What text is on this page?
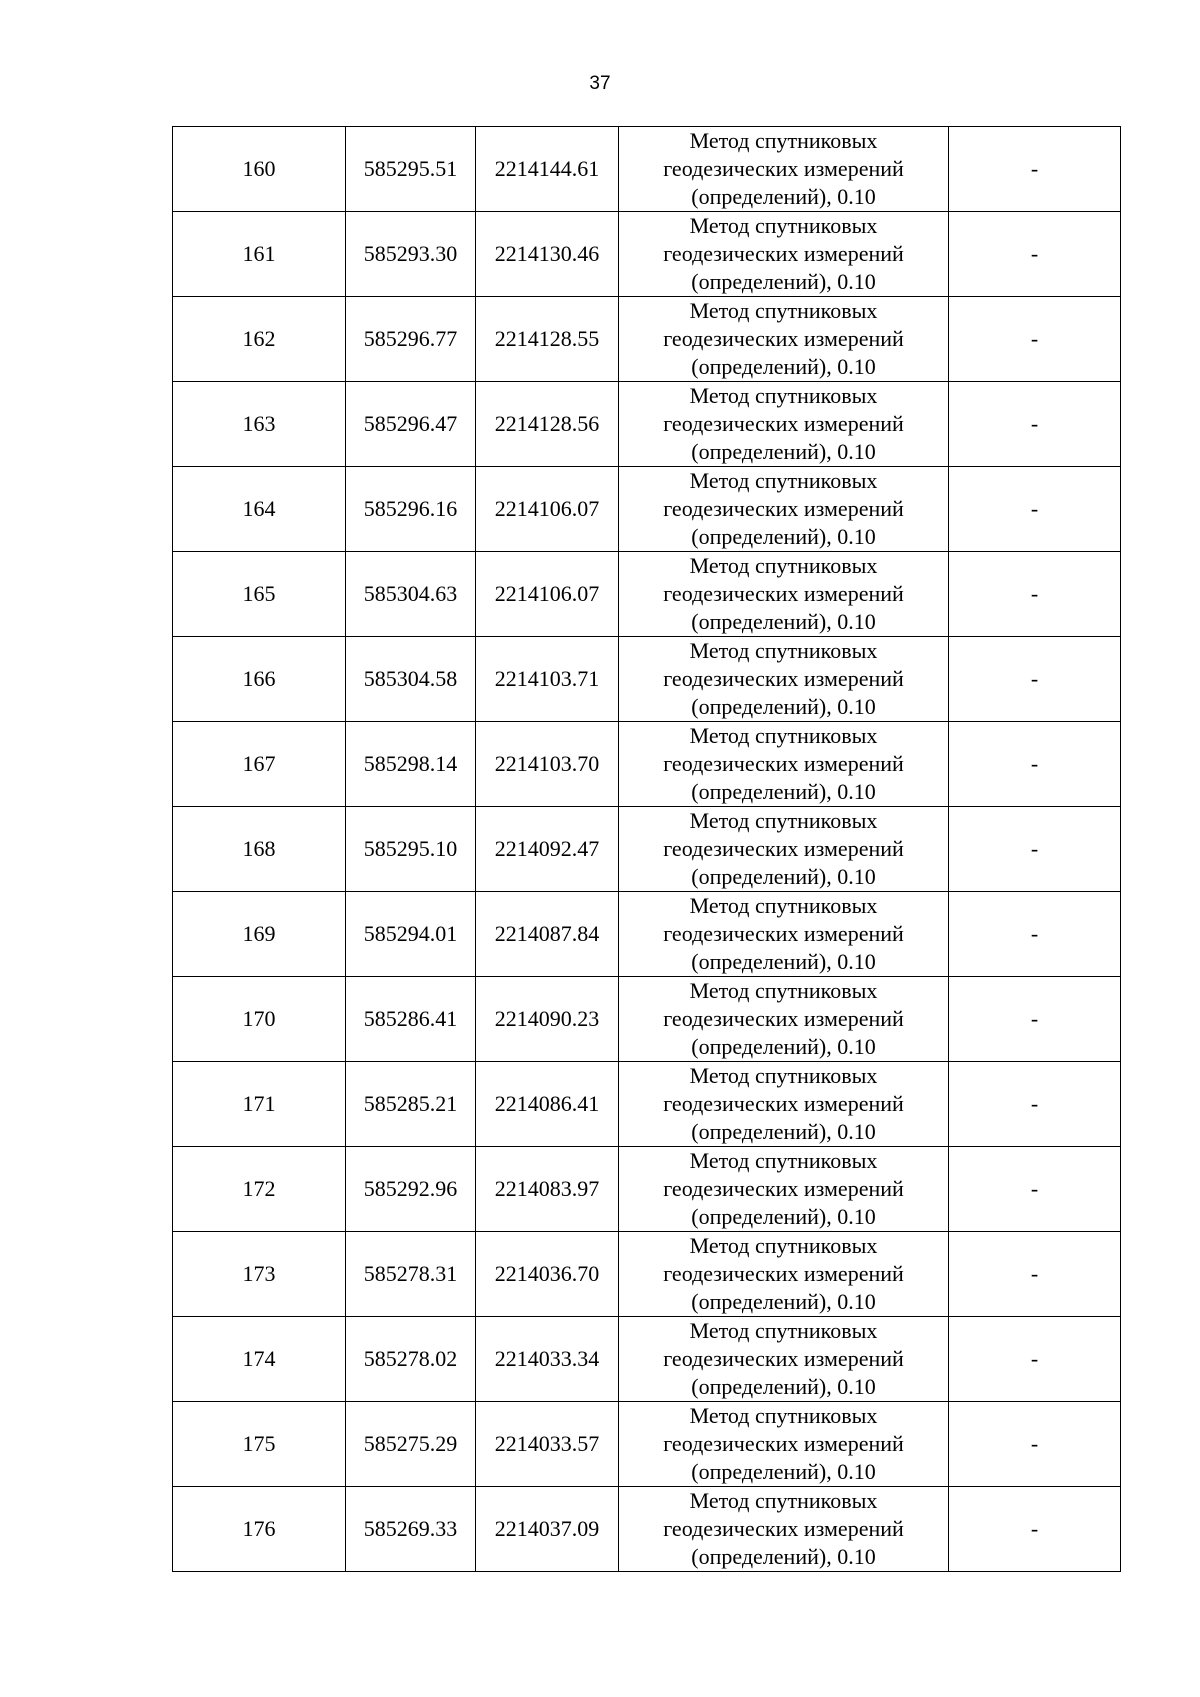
37
160	585295.51	2214144.61	Метод спутниковых
геодезических измерений
(определений), 0.10	-
161	585293.30	2214130.46	Метод спутниковых
геодезических измерений
(определений), 0.10	-
162	585296.77	2214128.55	Метод спутниковых
геодезических измерений
(определений), 0.10	-
163	585296.47	2214128.56	Метод спутниковых
геодезических измерений
(определений), 0.10	-
164	585296.16	2214106.07	Метод спутниковых
геодезических измерений
(определений), 0.10	-
165	585304.63	2214106.07	Метод спутниковых
геодезических измерений
(определений), 0.10	-
166	585304.58	2214103.71	Метод спутниковых
геодезических измерений
(определений), 0.10	-
167	585298.14	2214103.70	Метод спутниковых
геодезических измерений
(определений), 0.10	-
168	585295.10	2214092.47	Метод спутниковых
геодезических измерений
(определений), 0.10	-
169	585294.01	2214087.84	Метод спутниковых
геодезических измерений
(определений), 0.10	-
170	585286.41	2214090.23	Метод спутниковых
геодезических измерений
(определений), 0.10	-
171	585285.21	2214086.41	Метод спутниковых
геодезических измерений
(определений), 0.10	-
172	585292.96	2214083.97	Метод спутниковых
геодезических измерений
(определений), 0.10	-
173	585278.31	2214036.70	Метод спутниковых
геодезических измерений
(определений), 0.10	-
174	585278.02	2214033.34	Метод спутниковых
геодезических измерений
(определений), 0.10	-
175	585275.29	2214033.57	Метод спутниковых
геодезических измерений
(определений), 0.10	-
176	585269.33	2214037.09	Метод спутниковых
геодезических измерений
(определений), 0.10	-
